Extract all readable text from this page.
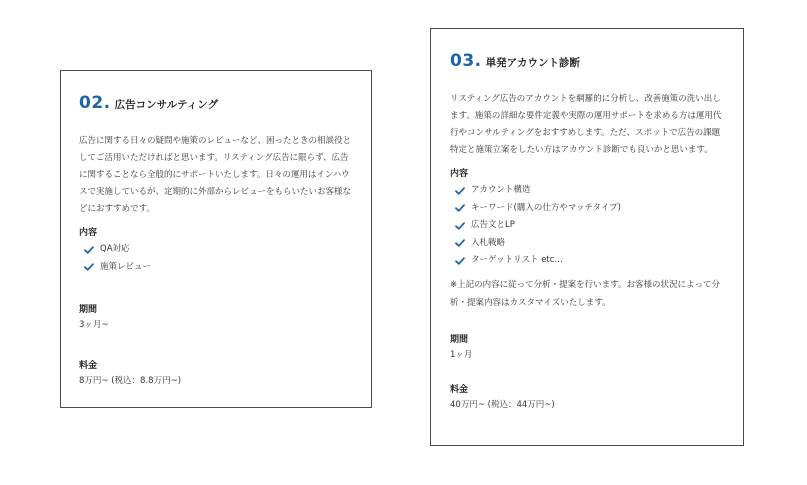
02. 広告コンサルティング

広告に関する日々の疑問や施策のレビューなど、困ったときの相談役としてご活用いただければと思います。リスティング広告に限らず、広告に関することなら全般的にサポートいたします。日々の運用はインハウスで実施しているが、定期的に外部からレビューをもらいたいお客様などにおすすめです。

内容
QA対応
施策レビュー
期間

3ヶ月~

料金

8万円~ (税込：8.8万円~)

03. 単発アカウント診断

リスティング広告のアカウントを網羅的に分析し、改善施策の洗い出します。施策の詳細な要件定義や実際の運用サポートを求める方は運用代行やコンサルティングをおすすめします。ただ、スポットで広告の課題特定と施策立案をしたい方はアカウント診断でも良いかと思います。

内容
アカウント構造
キーワード(購入の仕方やマッチタイプ)
広告文とLP
入札戦略
ターゲットリスト etc…

※上記の内容に従って分析・提案を行います。お客様の状況によって分析・提案内容はカスタマイズいたします。

期間

1ヶ月

料金

40万円~ (税込：44万円~)
